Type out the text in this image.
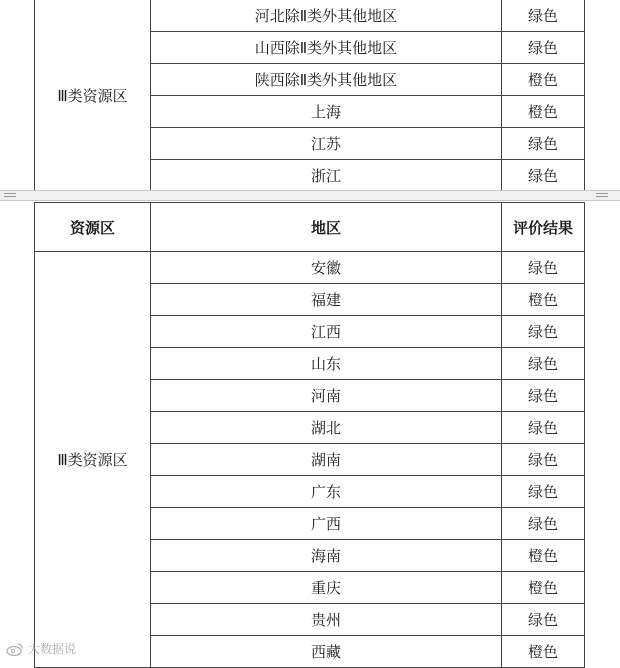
Ⅲ类资源区	河北除Ⅱ类外其他地区	绿色
	山西除Ⅱ类外其他地区	绿色
	陕西除Ⅱ类外其他地区	橙色
	上海	橙色
	江苏	绿色
	浙江	绿色
资源区	地区	评价结果
Ⅲ类资源区	安徽	绿色
	福建	橙色
	江西	绿色
	山东	绿色
	河南	绿色
	湖北	绿色
	湖南	绿色
	广东	绿色
	广西	绿色
	海南	橙色
	重庆	橙色
	贵州	绿色
	西藏	橙色
大数据说
